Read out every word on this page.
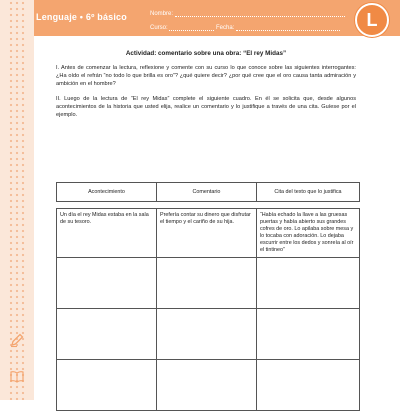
Lenguaje • 6º básico	Nombre:
Curso:	Fecha:	L

Actividad: comentario sobre una obra: “El rey Midas”

I. Antes de comenzar la lectura, reflexione y comente con su curso lo que conoce sobre las siguientes interrogantes: ¿Ha oído el refrán “no todo lo que brilla es oro”? ¿qué quiere decir? ¿por qué cree que el oro causa tanta admiración y ambición en el hombre?

II. Luego de la lectura de “El rey Midas” complete el siguiente cuadro. En él se solicita que, desde algunos acontecimientos de la historia que usted elija, realice un comentario y lo justifique a través de una cita. Guíese por el ejemplo.

Acontecimiento	Comentario	Cita del texto que lo justifica

Un día el rey Midas estaba en la sala de su tesoro.	Prefería contar su dinero que disfrutar el tiempo y el cariño de su hija.	“Había echado la llave a las gruesas puertas y había abierto sus grandes cofres de oro. Lo apilaba sobre mesa y lo tocaba con adoración. Lo dejaba escurrir entre los dedos y sonreía al oír el tintineo”
